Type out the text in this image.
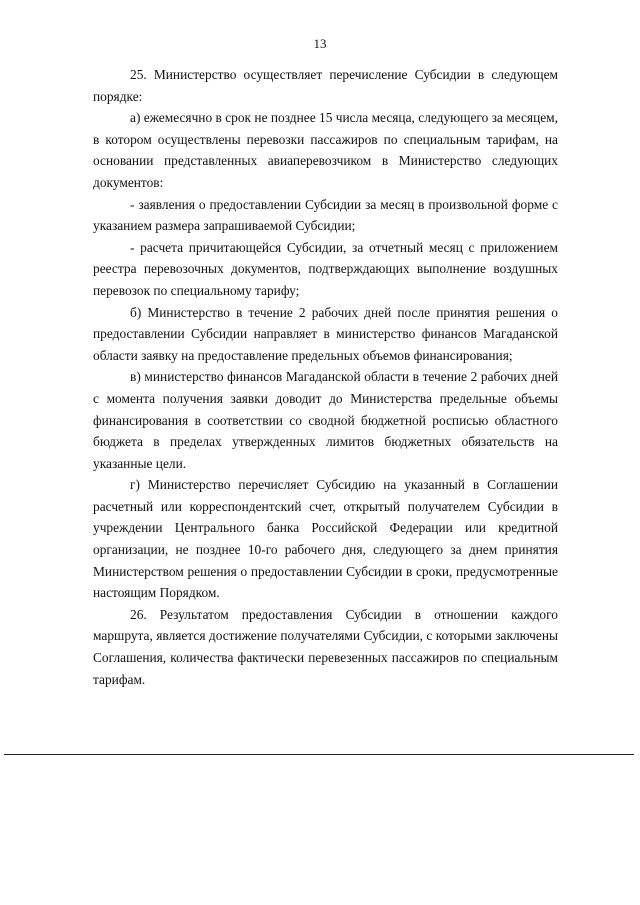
13

25. Министерство осуществляет перечисление Субсидии в следующем порядке:

а) ежемесячно в срок не позднее 15 числа месяца, следующего за месяцем, в котором осуществлены перевозки пассажиров по специальным тарифам, на основании представленных авиаперевозчиком в Министерство следующих документов:

- заявления о предоставлении Субсидии за месяц в произвольной форме с указанием размера запрашиваемой Субсидии;

- расчета причитающейся Субсидии, за отчетный месяц с приложением реестра перевозочных документов, подтверждающих выполнение воздушных перевозок по специальному тарифу;

б) Министерство в течение 2 рабочих дней после принятия решения о предоставлении Субсидии направляет в министерство финансов Магаданской области заявку на предоставление предельных объемов финансирования;

в) министерство финансов Магаданской области в течение 2 рабочих дней с момента получения заявки доводит до Министерства предельные объемы финансирования в соответствии со сводной бюджетной росписью областного бюджета в пределах утвержденных лимитов бюджетных обязательств на указанные цели.

г) Министерство перечисляет Субсидию на указанный в Соглашении расчетный или корреспондентский счет, открытый получателем Субсидии в учреждении Центрального банка Российской Федерации или кредитной организации, не позднее 10-го рабочего дня, следующего за днем принятия Министерством решения о предоставлении Субсидии в сроки, предусмотренные настоящим Порядком.

26. Результатом предоставления Субсидии в отношении каждого маршрута, является достижение получателями Субсидии, с которыми заключены Соглашения, количества фактически перевезенных пассажиров по специальным тарифам.
